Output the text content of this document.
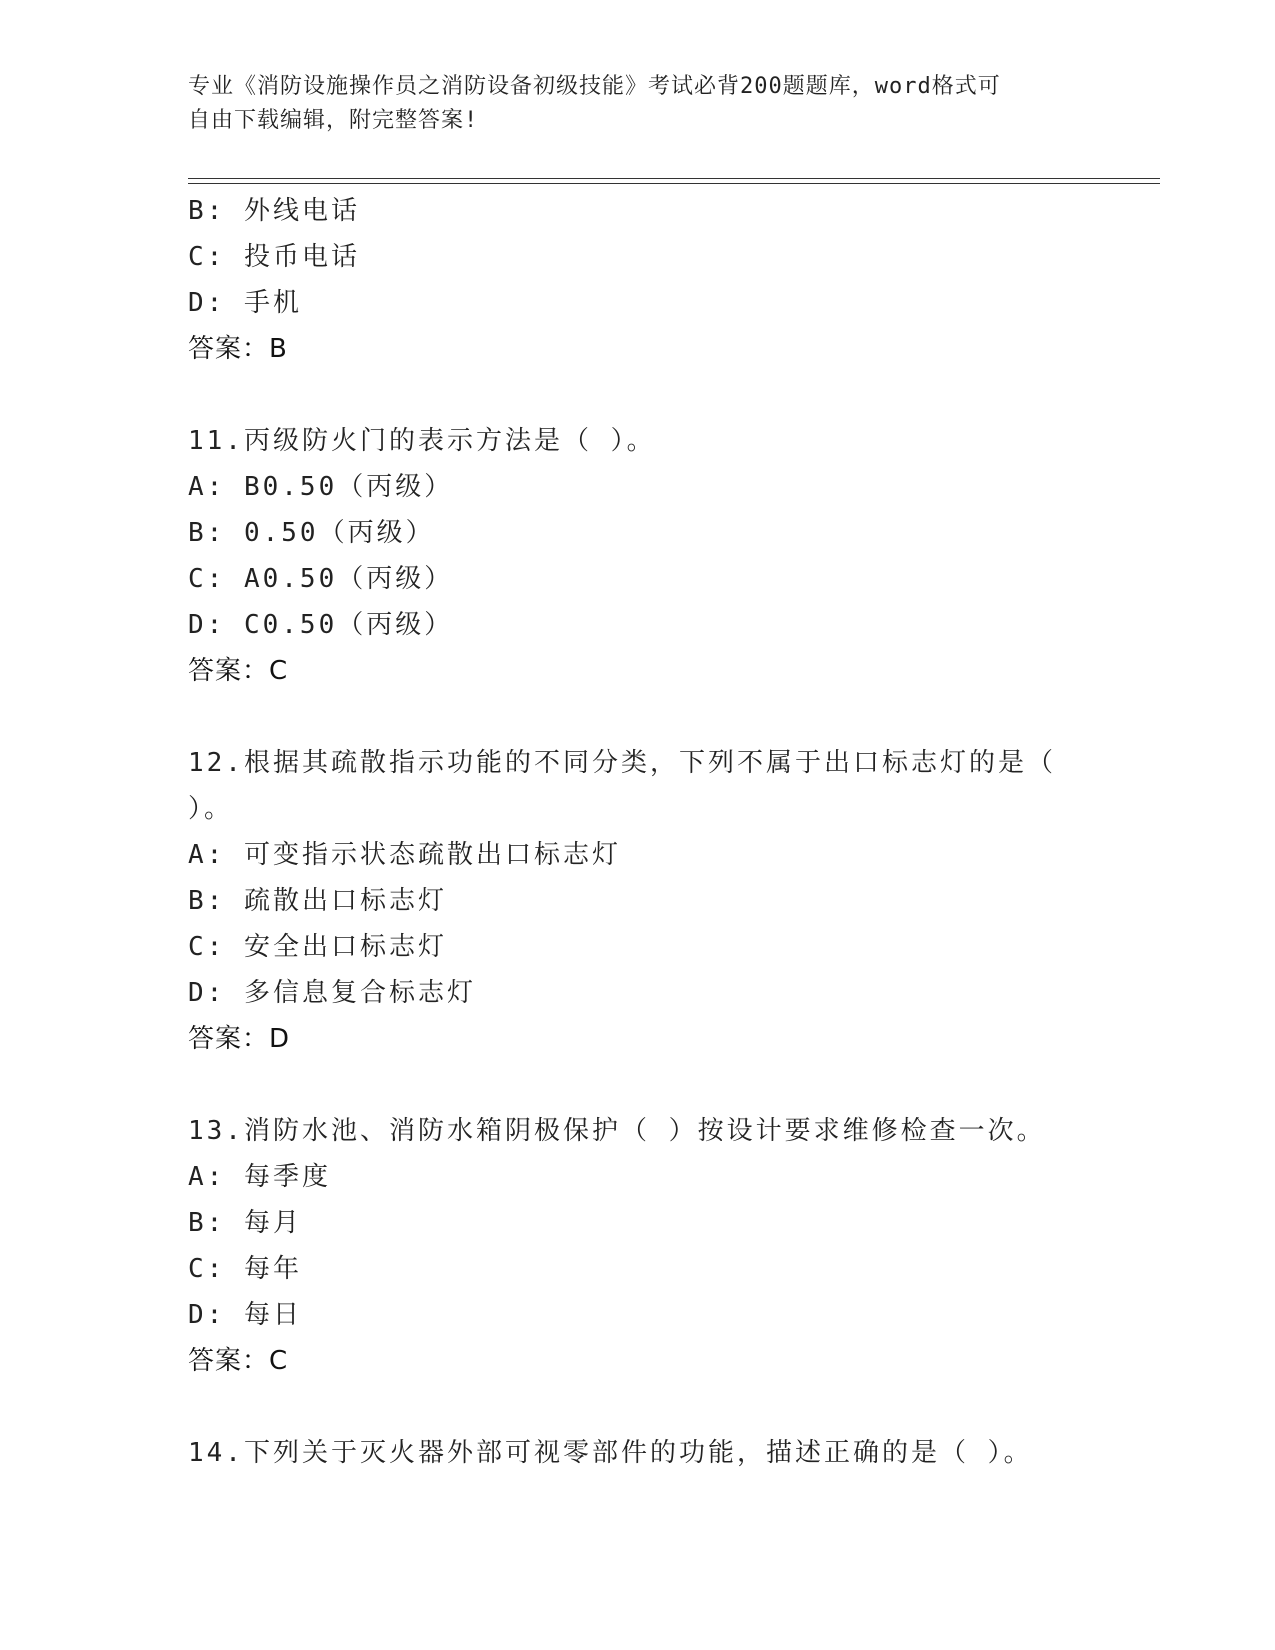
专业《消防设施操作员之消防设备初级技能》考试必背200题题库，word格式可
自由下载编辑，附完整答案!
B: 外线电话
C: 投币电话
D: 手机
答案：B
11.丙级防火门的表示方法是（ ）。
A: B0.50（丙级）
B: 0.50（丙级）
C: A0.50（丙级）
D: C0.50（丙级）
答案：C
12.根据其疏散指示功能的不同分类，下列不属于出口标志灯的是（
）。
A: 可变指示状态疏散出口标志灯
B: 疏散出口标志灯
C: 安全出口标志灯
D: 多信息复合标志灯
答案：D
13.消防水池、消防水箱阴极保护（ ）按设计要求维修检查一次。
A: 每季度
B: 每月
C: 每年
D: 每日
答案：C
14.下列关于灭火器外部可视零部件的功能，描述正确的是（ ）。
